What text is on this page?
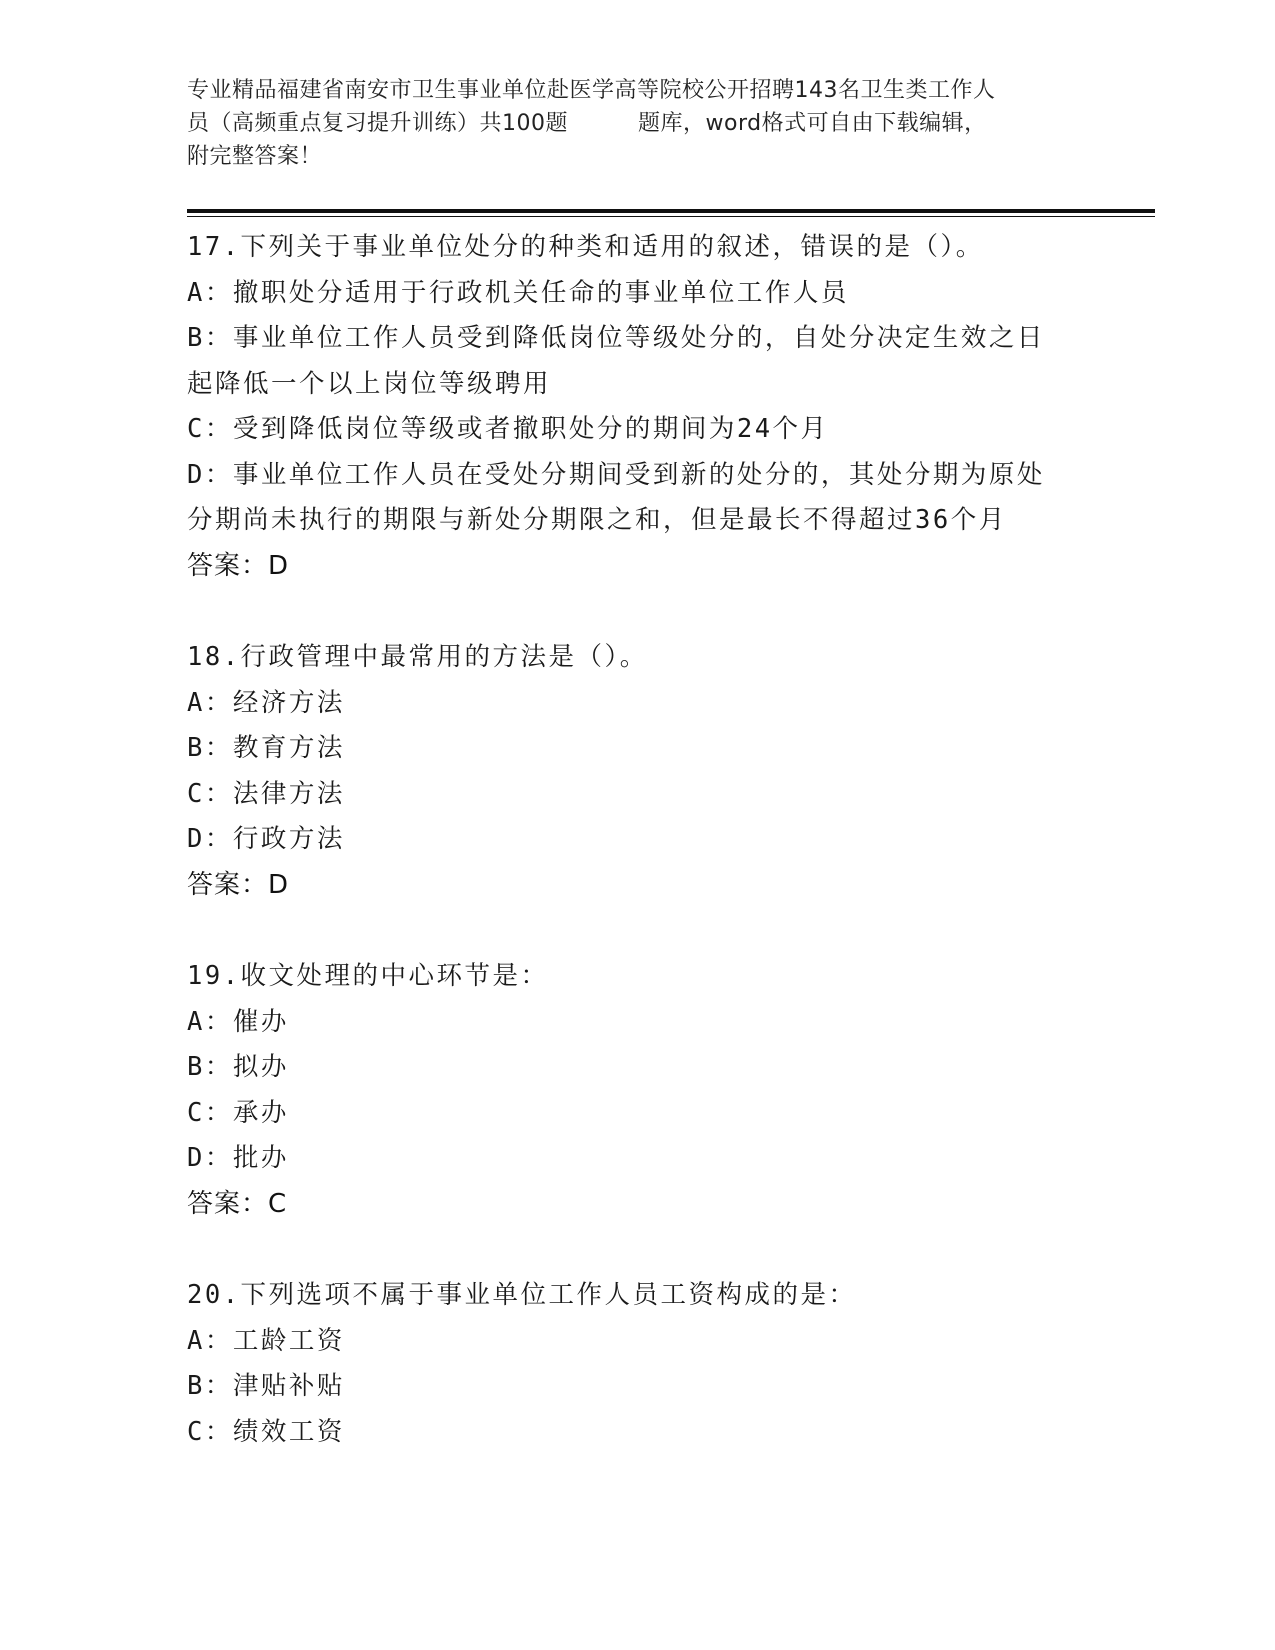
专业精品福建省南安市卫生事业单位赴医学高等院校公开招聘143名卫生类工作人
员（高频重点复习提升训练）共100题	题库，word格式可自由下载编辑，
附完整答案！
17.下列关于事业单位处分的种类和适用的叙述，错误的是（）。
A：撤职处分适用于行政机关任命的事业单位工作人员
B：事业单位工作人员受到降低岗位等级处分的，自处分决定生效之日
起降低一个以上岗位等级聘用
C：受到降低岗位等级或者撤职处分的期间为24个月
D：事业单位工作人员在受处分期间受到新的处分的，其处分期为原处
分期尚未执行的期限与新处分期限之和，但是最长不得超过36个月
答案：D
18.行政管理中最常用的方法是（）。
A：经济方法
B：教育方法
C：法律方法
D：行政方法
答案：D
19.收文处理的中心环节是：
A：催办
B：拟办
C：承办
D：批办
答案：C
20.下列选项不属于事业单位工作人员工资构成的是：
A：工龄工资
B：津贴补贴
C：绩效工资
